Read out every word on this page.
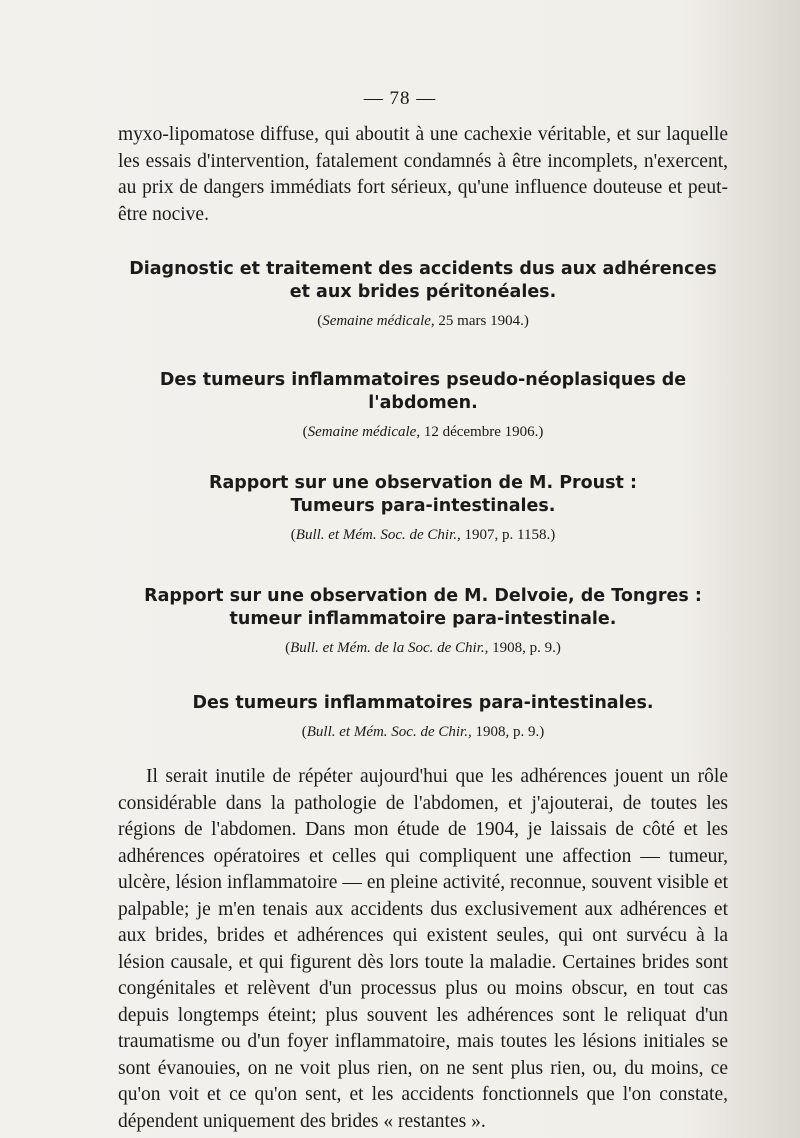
— 78 —

myxo-lipomatose diffuse, qui aboutit à une cachexie véritable, et sur laquelle les essais d'intervention, fatalement condamnés à être incomplets, n'exercent, au prix de dangers immédiats fort sérieux, qu'une influence douteuse et peut-être nocive.

Diagnostic et traitement des accidents dus aux adhérences
et aux brides péritonéales.
(Semaine médicale, 25 mars 1904.)
Des tumeurs inflammatoires pseudo-néoplasiques de l'abdomen.
(Semaine médicale, 12 décembre 1906.)
Rapport sur une observation de M. Proust :
Tumeurs para-intestinales.
(Bull. et Mém. Soc. de Chir., 1907, p. 1158.)
Rapport sur une observation de M. Delvoie, de Tongres :
tumeur inflammatoire para-intestinale.
(Bull. et Mém. de la Soc. de Chir., 1908, p. 9.)
Des tumeurs inflammatoires para-intestinales.
(Bull. et Mém. Soc. de Chir., 1908, p. 9.)

Il serait inutile de répéter aujourd'hui que les adhérences jouent un rôle considérable dans la pathologie de l'abdomen, et j'ajouterai, de toutes les régions de l'abdomen. Dans mon étude de 1904, je laissais de côté et les adhérences opératoires et celles qui compliquent une affection — tumeur, ulcère, lésion inflammatoire — en pleine activité, reconnue, souvent visible et palpable; je m'en tenais aux accidents dus exclusivement aux adhérences et aux brides, brides et adhérences qui existent seules, qui ont survécu à la lésion causale, et qui figurent dès lors toute la maladie. Certaines brides sont congénitales et relèvent d'un processus plus ou moins obscur, en tout cas depuis longtemps éteint; plus souvent les adhérences sont le reliquat d'un traumatisme ou d'un foyer inflammatoire, mais toutes les lésions initiales se sont évanouies, on ne voit plus rien, on ne sent plus rien, ou, du moins, ce qu'on voit et ce qu'on sent, et les accidents fonctionnels que l'on constate, dépendent uniquement des brides « restantes ».
